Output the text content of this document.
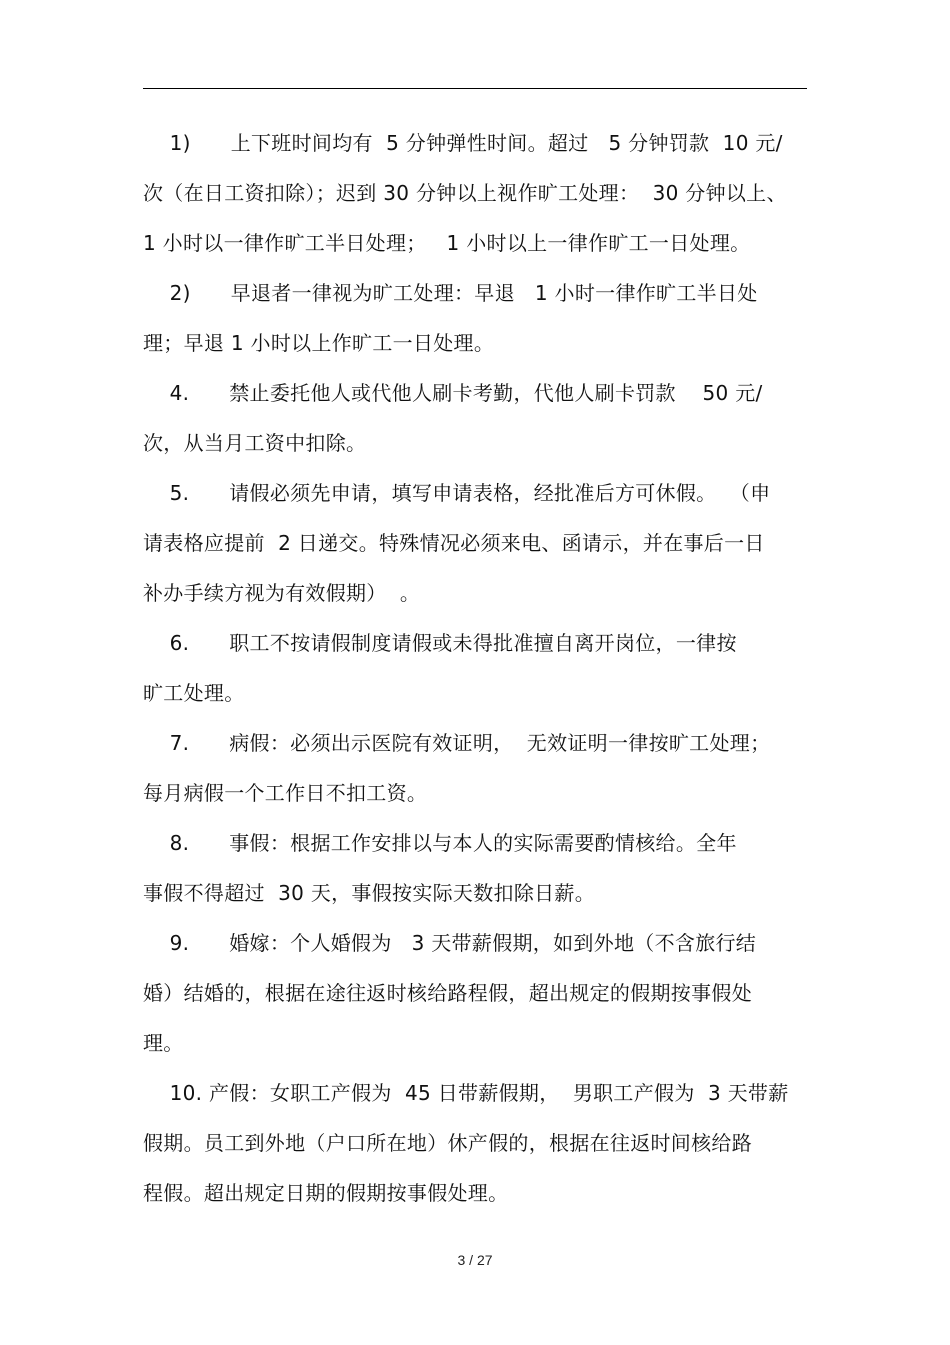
1)      上下班时间均有  5 分钟弹性时间。超过   5 分钟罚款  10 元/
次（在日工资扣除）；迟到 30 分钟以上视作旷工处理：  30 分钟以上、
1 小时以一律作旷工半日处理；   1 小时以上一律作旷工一日处理。
2)      早退者一律视为旷工处理：早退   1 小时一律作旷工半日处
理；早退 1 小时以上作旷工一日处理。
4.      禁止委托他人或代他人刷卡考勤，代他人刷卡罚款    50 元/
次，从当月工资中扣除。
5.      请假必须先申请，填写申请表格，经批准后方可休假。  （申
请表格应提前  2 日递交。特殊情况必须来电、函请示，并在事后一日
补办手续方视为有效假期）  。
6.      职工不按请假制度请假或未得批准擅自离开岗位，一律按
旷工处理。
7.      病假：必须出示医院有效证明，  无效证明一律按旷工处理；
每月病假一个工作日不扣工资。
8.      事假：根据工作安排以与本人的实际需要酌情核给。全年
事假不得超过  30 天，事假按实际天数扣除日薪。
9.      婚嫁：个人婚假为   3 天带薪假期，如到外地（不含旅行结
婚）结婚的，根据在途往返时核给路程假，超出规定的假期按事假处
理。
10. 产假：女职工产假为  45 日带薪假期，  男职工产假为  3 天带薪
假期。员工到外地（户口所在地）休产假的，根据在往返时间核给路
程假。超出规定日期的假期按事假处理。
3 / 27
